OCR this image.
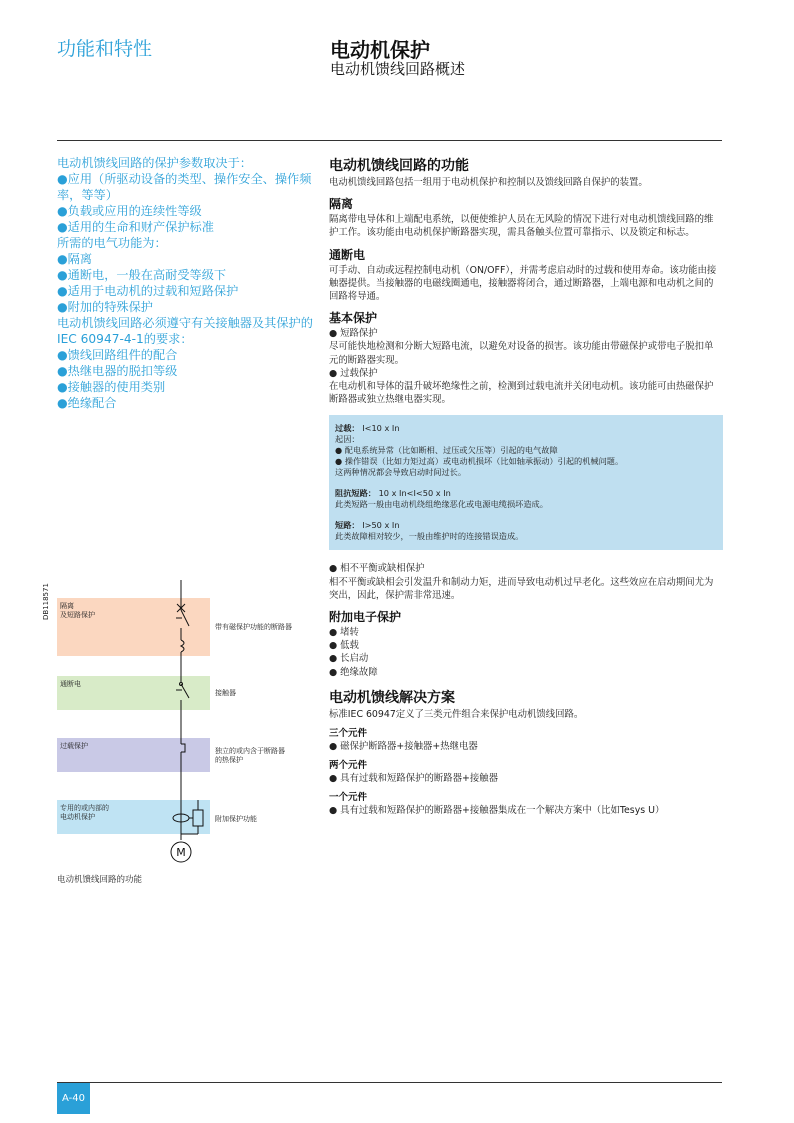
功能和特性	电动机保护
电动机馈线回路概述

电动机馈线回路的保护参数取决于：

●应用（所驱动设备的类型、操作安全、操作频率，等等）

●负载或应用的连续性等级

●适用的生命和财产保护标准

所需的电气功能为：

●隔离

●通断电，一般在高耐受等级下

●适用于电动机的过载和短路保护

●附加的特殊保护

电动机馈线回路必须遵守有关接触器及其保护的IEC 60947-4-1的要求：

●馈线回路组件的配合

●热继电器的脱扣等级

●接触器的使用类别

●绝缘配合

电动机馈线回路的功能

电动机馈线回路包括一组用于电动机保护和控制以及馈线回路自保护的装置。

隔离

隔离带电导体和上端配电系统，以便使维护人员在无风险的情况下进行对电动机馈线回路的维护工作。该功能由电动机保护断路器实现，需具备触头位置可靠指示、以及锁定和标志。

通断电

可手动、自动或远程控制电动机（ON/OFF），并需考虑启动时的过载和使用寿命。该功能由接触器提供。当接触器的电磁线圈通电，接触器将闭合，通过断路器，上端电源和电动机之间的回路将导通。

基本保护

● 短路保护

尽可能快地检测和分断大短路电流，以避免对设备的损害。该功能由带磁保护或带电子脱扣单元的断路器实现。

● 过载保护

在电动机和导体的温升破坏绝缘性之前，检测到过载电流并关闭电动机。该功能可由热磁保护断路器或独立热继电器实现。

过载： I<10 x In

起因：

● 配电系统异常（比如断相、过压或欠压等）引起的电气故障

● 操作错误（比如力矩过高）或电动机损坏（比如轴承振动）引起的机械问题。

这两种情况都会导致启动时间过长。

阻抗短路： 10 x In<I<50 x In

此类短路一般由电动机绕组绝缘恶化或电源电缆损坏造成。

短路： I>50 x In

此类故障相对较少，一般由维护时的连接错误造成。

● 相不平衡或缺相保护

相不平衡或缺相会引发温升和制动力矩，进而导致电动机过早老化。这些效应在启动期间尤为突出，因此，保护需非常迅速。

附加电子保护

● 堵转

● 低载

● 长启动

● 绝缘故障

电动机馈线解决方案

标准IEC 60947定义了三类元件组合来保护电动机馈线回路。

三个元件

● 磁保护断路器+接触器+热继电器

两个元件

● 具有过载和短路保护的断路器+接触器

一个元件

● 具有过载和短路保护的断路器+接触器集成在一个解决方案中（比如Tesys U）

DB118571 隔离
及短路保护
通断电
过载保护
专用的或内部的
电动机保护
带有磁保护功能的断路器
接触器
独立的或内含于断路器
的热保护
附加保护功能
M
电动机馈线回路的功能
A-40
